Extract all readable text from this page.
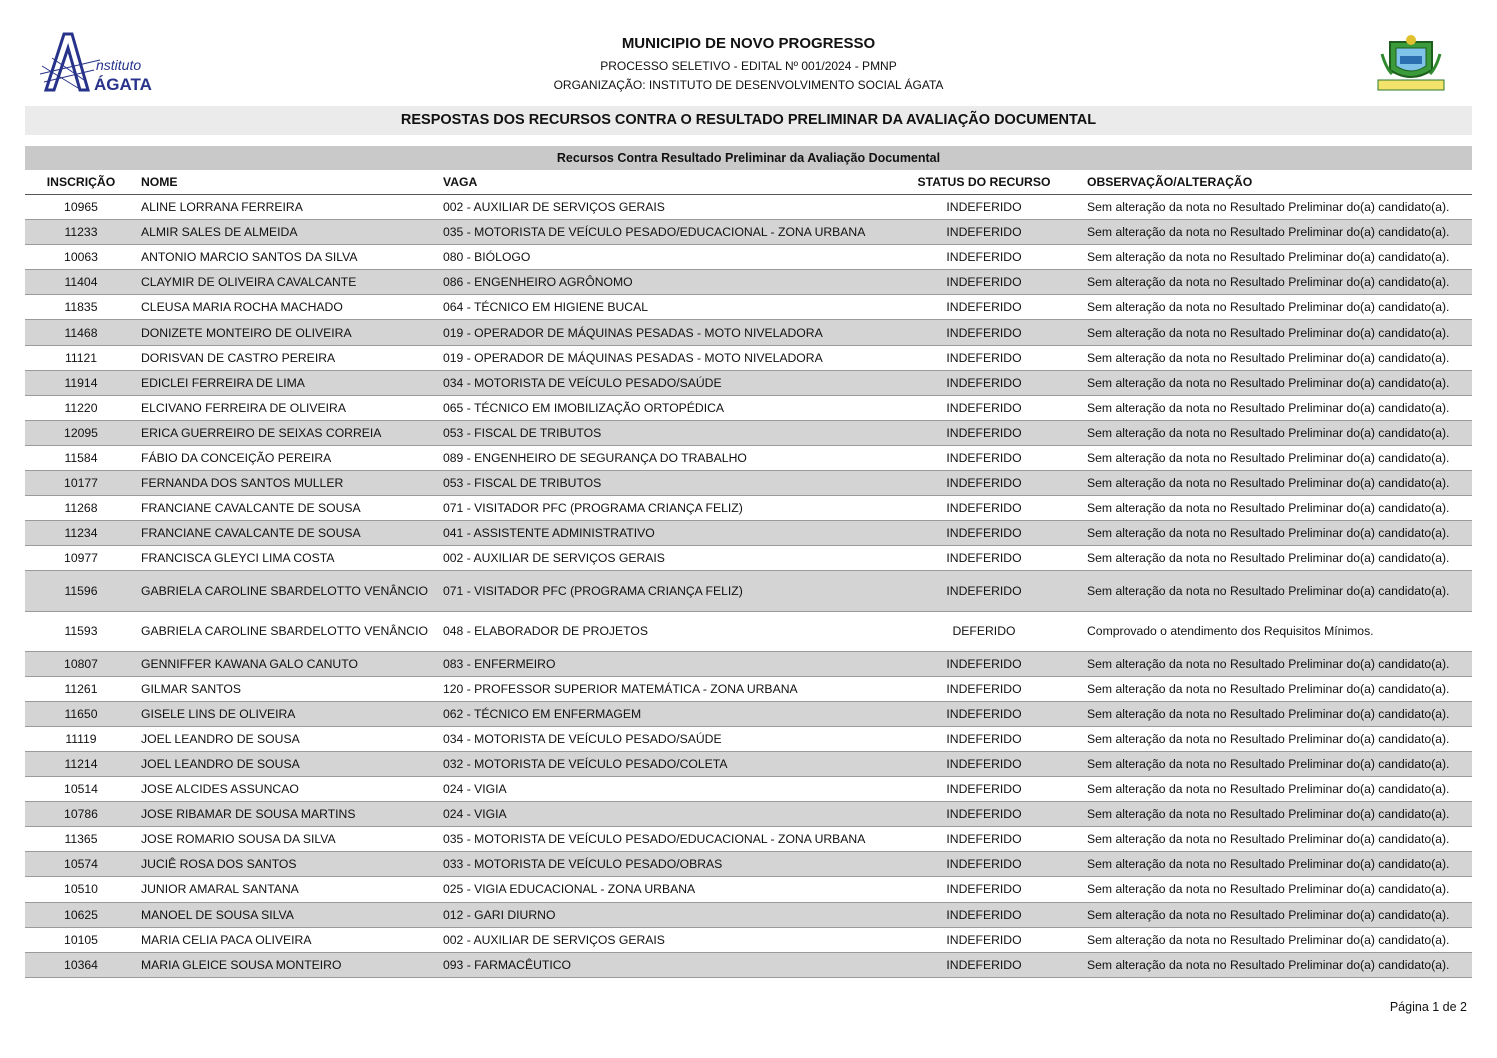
nstituto
ÁGATA
MUNICIPIO DE NOVO PROGRESSO
PROCESSO SELETIVO - EDITAL Nº 001/2024 - PMNP
ORGANIZAÇÃO: INSTITUTO DE DESENVOLVIMENTO SOCIAL ÁGATA
RESPOSTAS DOS RECURSOS CONTRA O RESULTADO PRELIMINAR DA AVALIAÇÃO DOCUMENTAL
Recursos Contra Resultado Preliminar da Avaliação Documental
INSCRIÇÃO	NOME	VAGA	STATUS DO RECURSO	OBSERVAÇÃO/ALTERAÇÃO
10965	ALINE LORRANA FERREIRA	002 - AUXILIAR DE SERVIÇOS GERAIS	INDEFERIDO	Sem alteração da nota no Resultado Preliminar do(a) candidato(a).
11233	ALMIR SALES DE ALMEIDA	035 - MOTORISTA DE VEÍCULO PESADO/EDUCACIONAL - ZONA URBANA	INDEFERIDO	Sem alteração da nota no Resultado Preliminar do(a) candidato(a).
10063	ANTONIO MARCIO SANTOS DA SILVA	080 - BIÓLOGO	INDEFERIDO	Sem alteração da nota no Resultado Preliminar do(a) candidato(a).
11404	CLAYMIR DE OLIVEIRA CAVALCANTE	086 - ENGENHEIRO AGRÔNOMO	INDEFERIDO	Sem alteração da nota no Resultado Preliminar do(a) candidato(a).
11835	CLEUSA MARIA ROCHA MACHADO	064 - TÉCNICO EM HIGIENE BUCAL	INDEFERIDO	Sem alteração da nota no Resultado Preliminar do(a) candidato(a).
11468	DONIZETE MONTEIRO DE OLIVEIRA	019 - OPERADOR DE MÁQUINAS PESADAS - MOTO NIVELADORA	INDEFERIDO	Sem alteração da nota no Resultado Preliminar do(a) candidato(a).
11121	DORISVAN DE CASTRO PEREIRA	019 - OPERADOR DE MÁQUINAS PESADAS - MOTO NIVELADORA	INDEFERIDO	Sem alteração da nota no Resultado Preliminar do(a) candidato(a).
11914	EDICLEI FERREIRA DE LIMA	034 - MOTORISTA DE VEÍCULO PESADO/SAÚDE	INDEFERIDO	Sem alteração da nota no Resultado Preliminar do(a) candidato(a).
11220	ELCIVANO FERREIRA DE OLIVEIRA	065 - TÉCNICO EM IMOBILIZAÇÃO ORTOPÉDICA	INDEFERIDO	Sem alteração da nota no Resultado Preliminar do(a) candidato(a).
12095	ERICA GUERREIRO DE SEIXAS CORREIA	053 - FISCAL DE TRIBUTOS	INDEFERIDO	Sem alteração da nota no Resultado Preliminar do(a) candidato(a).
11584	FÁBIO DA CONCEIÇÃO PEREIRA	089 - ENGENHEIRO DE SEGURANÇA DO TRABALHO	INDEFERIDO	Sem alteração da nota no Resultado Preliminar do(a) candidato(a).
10177	FERNANDA DOS SANTOS MULLER	053 - FISCAL DE TRIBUTOS	INDEFERIDO	Sem alteração da nota no Resultado Preliminar do(a) candidato(a).
11268	FRANCIANE CAVALCANTE DE SOUSA	071 - VISITADOR PFC (PROGRAMA CRIANÇA FELIZ)	INDEFERIDO	Sem alteração da nota no Resultado Preliminar do(a) candidato(a).
11234	FRANCIANE CAVALCANTE DE SOUSA	041 - ASSISTENTE ADMINISTRATIVO	INDEFERIDO	Sem alteração da nota no Resultado Preliminar do(a) candidato(a).
10977	FRANCISCA GLEYCI LIMA COSTA	002 - AUXILIAR DE SERVIÇOS GERAIS	INDEFERIDO	Sem alteração da nota no Resultado Preliminar do(a) candidato(a).
11596	GABRIELA CAROLINE SBARDELOTTO VENÂNCIO	071 - VISITADOR PFC (PROGRAMA CRIANÇA FELIZ)	INDEFERIDO	Sem alteração da nota no Resultado Preliminar do(a) candidato(a).
11593	GABRIELA CAROLINE SBARDELOTTO VENÂNCIO	048 - ELABORADOR DE PROJETOS	DEFERIDO	Comprovado o atendimento dos Requisitos Mínimos.
10807	GENNIFFER KAWANA GALO CANUTO	083 - ENFERMEIRO	INDEFERIDO	Sem alteração da nota no Resultado Preliminar do(a) candidato(a).
11261	GILMAR SANTOS	120 - PROFESSOR SUPERIOR MATEMÁTICA - ZONA URBANA	INDEFERIDO	Sem alteração da nota no Resultado Preliminar do(a) candidato(a).
11650	GISELE LINS DE OLIVEIRA	062 - TÉCNICO EM ENFERMAGEM	INDEFERIDO	Sem alteração da nota no Resultado Preliminar do(a) candidato(a).
11119	JOEL LEANDRO DE SOUSA	034 - MOTORISTA DE VEÍCULO PESADO/SAÚDE	INDEFERIDO	Sem alteração da nota no Resultado Preliminar do(a) candidato(a).
11214	JOEL LEANDRO DE SOUSA	032 - MOTORISTA DE VEÍCULO PESADO/COLETA	INDEFERIDO	Sem alteração da nota no Resultado Preliminar do(a) candidato(a).
10514	JOSE ALCIDES ASSUNCAO	024 - VIGIA	INDEFERIDO	Sem alteração da nota no Resultado Preliminar do(a) candidato(a).
10786	JOSE RIBAMAR DE SOUSA MARTINS	024 - VIGIA	INDEFERIDO	Sem alteração da nota no Resultado Preliminar do(a) candidato(a).
11365	JOSE ROMARIO SOUSA DA SILVA	035 - MOTORISTA DE VEÍCULO PESADO/EDUCACIONAL - ZONA URBANA	INDEFERIDO	Sem alteração da nota no Resultado Preliminar do(a) candidato(a).
10574	JUCIÊ ROSA DOS SANTOS	033 - MOTORISTA DE VEÍCULO PESADO/OBRAS	INDEFERIDO	Sem alteração da nota no Resultado Preliminar do(a) candidato(a).
10510	JUNIOR AMARAL SANTANA	025 - VIGIA EDUCACIONAL - ZONA URBANA	INDEFERIDO	Sem alteração da nota no Resultado Preliminar do(a) candidato(a).
10625	MANOEL DE SOUSA SILVA	012 - GARI DIURNO	INDEFERIDO	Sem alteração da nota no Resultado Preliminar do(a) candidato(a).
10105	MARIA CELIA PACA OLIVEIRA	002 - AUXILIAR DE SERVIÇOS GERAIS	INDEFERIDO	Sem alteração da nota no Resultado Preliminar do(a) candidato(a).
10364	MARIA GLEICE SOUSA MONTEIRO	093 - FARMACÊUTICO	INDEFERIDO	Sem alteração da nota no Resultado Preliminar do(a) candidato(a).
Página 1 de 2
